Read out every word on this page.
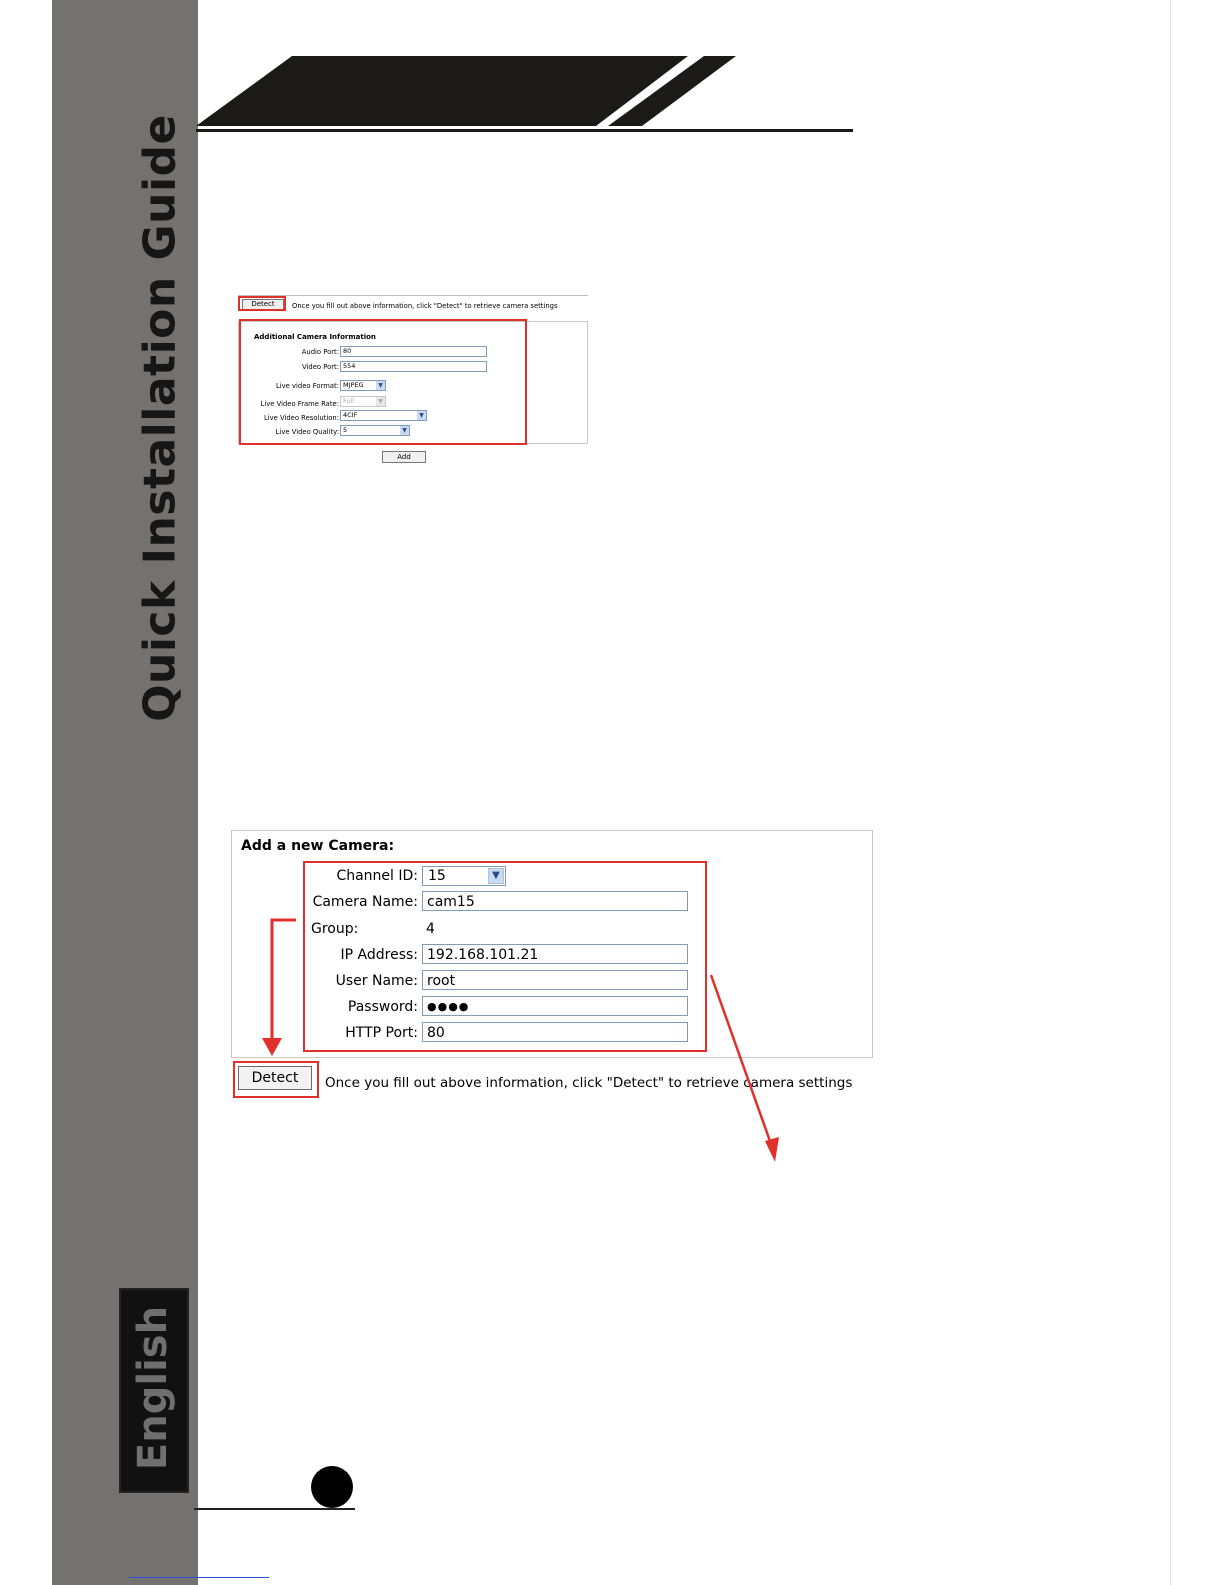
Quick Installation Guide
English
Detect	Once you fill out above information, click "Detect" to retrieve camera settings
Additional Camera Information
Audio Port: 80
Video Port: 554
Live video Format: MJPEG	▼
Live Video Frame Rate: Full	▼
Live Video Resolution: 4CIF	▼
Live Video Quality: 5	▼
Add
Add a new Camera:
Channel ID: 15	▼
Camera Name: cam15
Group:	4
IP Address: 192.168.101.21
User Name: root
Password: ●●●●
HTTP Port: 80
Detect	Once you fill out above information, click "Detect" to retrieve camera settings
